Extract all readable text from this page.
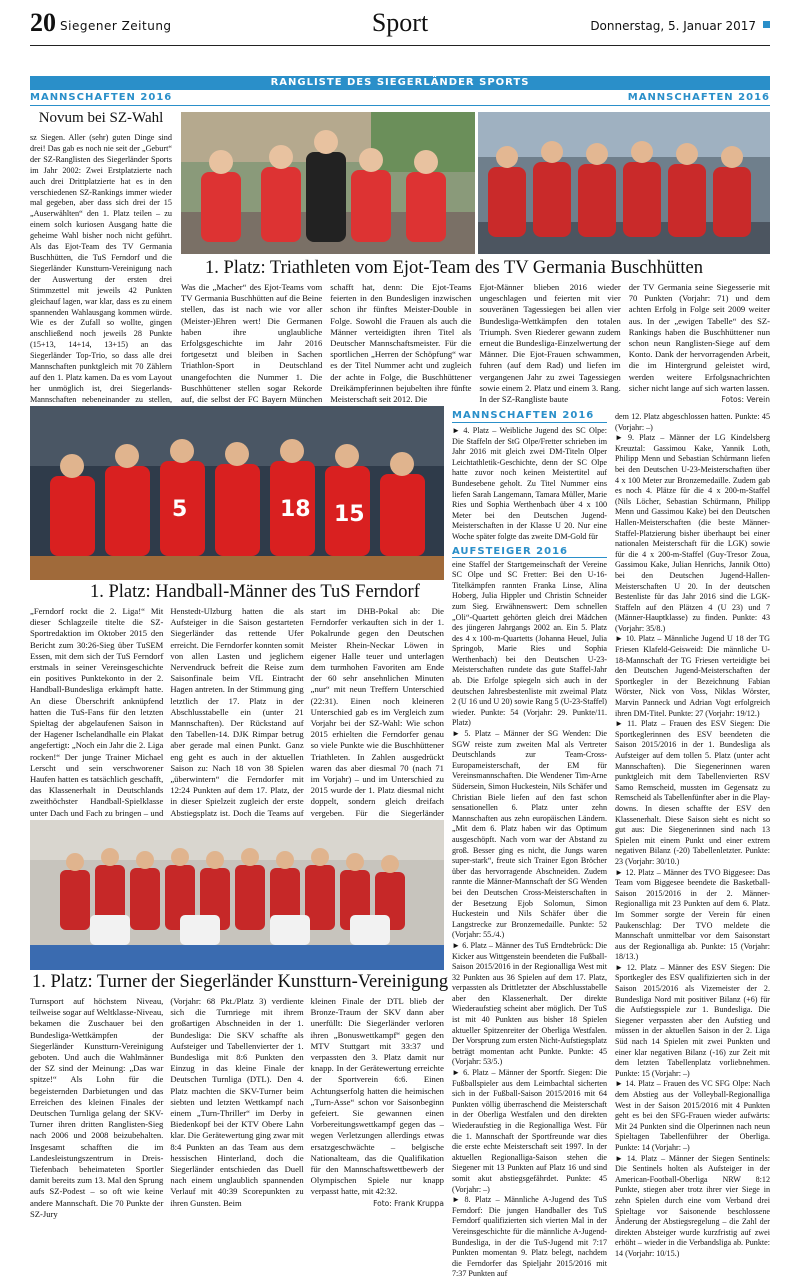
20 Siegener Zeitung	Sport	Donnerstag, 5. Januar 2017
RANGLISTE DES SIEGERLÄNDER SPORTS
MANNSCHAFTEN 2016	MANNSCHAFTEN 2016
Novum bei SZ-Wahl
sz Siegen. Aller (sehr) guten Dinge sind drei! Das gab es noch nie seit der „Geburt“ der SZ-Ranglisten des Siegerländer Sports im Jahr 2002: Zwei Erstplatzierte nach auch drei Drittplatzierte hat es in den verschiedenen SZ-Rankings immer wieder mal gegeben, aber dass sich drei der 15 „Auserwählten“ den 1. Platz teilen – zu einem solch kuriosen Ausgang hatte die geheime Wahl bisher noch nicht geführt. Als das Ejot-Team des TV Germania Buschhütten, die TuS Ferndorf und die Siegerländer Kunstturn-Vereinigung nach der Auswertung der ersten drei Stimmzettel mit jeweils 42 Punkten gleichauf lagen, war klar, dass es zu einem spannenden Wahlausgang kommen würde. Wie es der Zufall so wollte, gingen anschließend noch jeweils 28 Punkte (15+13, 14+14, 13+15) an das Siegerländer Top-Trio, so dass alle drei Mannschaften punktgleich mit 70 Zählern auf den 1. Platz kamen. Da es vom Layout her unmöglich ist, drei Siegerlands-Mannschaften nebeneinander zu stellen,
1. Platz: Triathleten vom Ejot-Team des TV Germania Buschhütten
Was die „Macher“ des Ejot-Teams vom TV Germania Buschhütten auf die Beine stellen, das ist nach wie vor aller (Meister-)Ehren wert! Die Germanen haben ihre unglaubliche Erfolgsgeschichte im Jahr 2016 fortgesetzt und bleiben in Sachen Triathlon-Sport in Deutschland unangefochten die Nummer 1. Die Buschhüttener stellen sogar Rekorde auf, die selbst der FC Bayern München
schafft hat, denn: Die Ejot-Teams feierten in den Bundesligen inzwischen schon ihr fünftes Meister-Double in Folge. Sowohl die Frauen als auch die Männer verteidigten ihren Titel als Deutscher Mannschaftsmeister. Für die sportlichen „Herren der Schöpfung“ war es der Titel Nummer acht und zugleich der achte in Folge, die Buschhüttener Dreikämpferinnen bejubelten ihre fünfte Meisterschaft seit 2012. Die
Ejot-Männer blieben 2016 wieder ungeschlagen und feierten mit vier souveränen Tagessiegen bei allen vier Bundesliga-Wettkämpfen den totalen Triumph. Sven Riederer gewann zudem erneut die Bundesliga-Einzelwertung der Männer. Die Ejot-Frauen schwammen, fuhren (auf dem Rad) und liefen im vergangenen Jahr zu zwei Tagessiegen sowie einem 2. Platz und einem 3. Rang. In der SZ-Rangliste baute
der TV Germania seine Siegesserie mit 70 Punkten (Vorjahr: 71) und dem achten Erfolg in Folge seit 2009 weiter aus. In der „ewigen Tabelle“ des SZ-Rankings haben die Buschhüttener nun schon neun Ranglisten-Siege auf dem Konto. Dank der hervorragenden Arbeit, die im Hintergrund geleistet wird, werden weitere Erfolgsnachrichten sicher nicht lange auf sich warten lassen.
Fotos: Verein
5	18 15
1. Platz: Handball-Männer des TuS Ferndorf
„Ferndorf rockt die 2. Liga!“ Mit dieser Schlagzeile titelte die SZ-Sportredaktion im Oktober 2015 den Bericht zum 30:26-Sieg über TuSEM Essen, mit dem sich der TuS Ferndorf erstmals in seiner Vereinsgeschichte ein positives Punktekonto in der 2. Handball-Bundesliga erkämpft hatte. An diese Überschrift anknüpfend hatten die TuS-Fans für den letzten Spieltag der abgelaufenen Saison in der Hagener Ischelandhalle ein Plakat angefertigt: „Noch ein Jahr die 2. Liga rocken!“ Der junge Trainer Michael Lerscht und sein verschworener Haufen hatten es tatsächlich geschafft, das Klassenerhalt in Deutschlands zweithöchster Handball-Spielklasse unter Dach und Fach zu bringen – und
Henstedt-Ulzburg hatten die als Aufsteiger in die Saison gestarteten Siegerländer das rettende Ufer erreicht. Die Ferndorfer konnten somit von allen Lasten und jeglichem Nervendruck befreit die Reise zum Saisonfinale beim VfL Eintracht Hagen antreten. In der Stimmung ging letztlich der 17. Platz in der Abschlusstabelle ein (unter 21 Mannschaften). Der Rückstand auf den Tabellen-14. DJK Rimpar betrug aber gerade mal einen Punkt. Ganz eng geht es auch in der aktuellen Saison zu: Nach 18 von 38 Spielen „überwintern“ die Ferndorfer mit 12:24 Punkten auf dem 17. Platz, der in dieser Spielzeit zugleich der erste Abstiegsplatz ist. Doch die Teams auf
start im DHB-Pokal ab: Die Ferndorfer verkauften sich in der 1. Pokalrunde gegen den Deutschen Meister Rhein-Neckar Löwen in eigener Halle teuer und unterlagen dem turmhohen Favoriten am Ende der 60 sehr ansehnlichen Minuten „nur“ mit neun Treffern Unterschied (22:31). Einen noch kleineren Unterschied gab es im Vergleich zum Vorjahr bei der SZ-Wahl: Wie schon 2015 erhielten die Ferndorfer genau so viele Punkte wie die Buschhüttener Triathleten. In Zahlen ausgedrückt waren das aber diesmal 70 (nach 71 im Vorjahr) – und im Unterschied zu 2015 wurde der 1. Platz diesmal nicht doppelt, sondern gleich dreifach vergeben. Für die Siegerländer
1. Platz: Turner der Siegerländer Kunstturn-Vereinigung
Turnsport auf höchstem Niveau, teilweise sogar auf Weltklasse-Niveau, bekamen die Zuschauer bei den Bundesliga-Wettkämpfen der Siegerländer Kunstturn-Vereinigung geboten. Und auch die Wahlmänner der SZ sind der Meinung: „Das war spitze!“ Als Lohn für die begeisternden Darbietungen und das Erreichen des kleinen Finales der Deutschen Turnliga gelang der SKV-Turner ihren dritten Ranglisten-Sieg nach 2006 und 2008 beizubehalten. Insgesamt schafften die im Landesleistungszentrum in Dreis-Tiefenbach beheimateten Sportler damit bereits zum 13. Mal den Sprung aufs SZ-Podest – so oft wie keine andere Mannschaft. Die 70 Punkte der SZ-Jury
(Vorjahr: 68 Pkt./Platz 3) verdiente sich die Turnriege mit ihrem großartigen Abschneiden in der 1. Bundesliga: Die SKV schaffte als Aufsteiger und Tabellenvierter der 1. Bundesliga mit 8:6 Punkten den Einzug in das kleine Finale der Deutschen Turnliga (DTL). Den 4. Platz machten die SKV-Turner beim siebten und letzten Wettkampf nach einem „Turn-Thriller“ im Derby in Biedenkopf bei der KTV Obere Lahn klar. Die Gerätewertung ging zwar mit 8:4 Punkten an das Team aus dem hessischen Hinterland, doch die Siegerländer entschieden das Duell nach einem unglaublich spannenden Verlauf mit 40:39 Scorepunkten zu ihren Gunsten. Beim
kleinen Finale der DTL blieb der Bronze-Traum der SKV dann aber unerfüllt: Die Siegerländer verloren ihren „Bonuswettkampf“ gegen den MTV Stuttgart mit 33:37 und verpassten den 3. Platz damit nur knapp. In der Gerätewertung erreichte der Sportverein 6:6. Einen Achtungserfolg hatten die heimischen „Turn-Asse“ schon vor Saisonbeginn gefeiert. Sie gewannen einen Vorbereitungswettkampf gegen das – wegen Verletzungen allerdings etwas ersatzgeschwächte – belgische Nationalteam, das die Qualifikation für den Mannschaftswettbewerb der Olympischen Spiele nur knapp verpasst hatte, mit 42:32.
Foto: Frank Kruppa
MANNSCHAFTEN 2016
► 4. Platz – Weibliche Jugend des SC Olpe: Die Staffeln der StG Olpe/Fretter schrieben im Jahr 2016 mit gleich zwei DM-Titeln Olper Leichtathletik-Geschichte, denn der SC Olpe hatte zuvor noch keinen Meistertitel auf Bundesebene geholt. Zu Titel Nummer eins liefen Sarah Langemann, Tamara Müller, Marie Ries und Sophia Werthenbach über 4 x 100 Meter bei den Deutschen Jugend-Meisterschaften in der Klasse U 20. Nur eine Woche später folgte das zweite DM-Gold für
AUFSTEIGER 2016
eine Staffel der Startgemeinschaft der Vereine SC Olpe und SC Fretter: Bei den U-16-Titelkämpfen rannten Franka Linse, Alina Hoberg, Julia Hippler und Christin Schneider zum Sieg. Erwähnenswert: Dem schnellen „Oli“-Quartett gehörten gleich drei Mädchen des jüngeren Jahrgangs 2002 an. Ein 5. Platz des 4 x 100-m-Quartetts (Johanna Heuel, Julia Springob, Marie Ries und Sophia Werthenbach) bei den Deutschen U-23-Meisterschaften rundete das gute Staffel-Jahr ab. Die Erfolge spiegeln sich auch in der deutschen Jahresbestenliste mit zweimal Platz 2 (U 16 und U 20) sowie Rang 5 (U-23-Staffel) wieder. Punkte: 54 (Vorjahr: 29. Punkte/11. Platz)
► 5. Platz – Männer der SG Wenden: Die SGW reiste zum zweiten Mal als Vertreter Deutschlands zur Team-Cross-Europameisterschaft, der EM für Vereinsmannschaften. Die Wendener Tim-Arne Südersein, Simon Huckestein, Nils Schäfer und Christian Biele liefen auf den fast schon sensationellen 6. Platz unter zehn Mannschaften aus zehn europäischen Ländern. „Mit dem 6. Platz haben wir das Optimum ausgeschöpft. Nach vorn war der Abstand zu groß. Besser ging es nicht, die Jungs waren super-stark“, freute sich Trainer Egon Bröcher über das hervorragende Abschneiden. Zudem rannte die Männer-Mannschaft der SG Wenden bei den Deutschen Cross-Meisterschaften in der Besetzung Ejob Solomun, Simon Huckestein und Nils Schäfer über die Langstrecke zur Bronzemedaille. Punkte: 52 (Vorjahr: 55./4.)
► 6. Platz – Männer des TuS Erndtebrück: Die Kicker aus Wittgenstein beendeten die Fußball-Saison 2015/2016 in der Regionalliga West mit 32 Punkten aus 36 Spielen auf dem 17. Platz, verpassten als Drittletzter der Abschlusstabelle aber den Klassenerhalt. Der direkte Wiederaufstieg scheint aber möglich. Der TuS ist mit 40 Punkten aus bisher 18 Spielen aktueller Spitzenreiter der Oberliga Westfalen. Der Vorsprung zum ersten Nicht-Aufstiegsplatz beträgt momentan acht Punkte. Punkte: 45 (Vorjahr: 53/5.)
► 6. Platz – Männer der Sportfr. Siegen: Die Fußballspieler aus dem Leimbachtal sicherten sich in der Fußball-Saison 2015/2016 mit 64 Punkten völlig überraschend die Meisterschaft in der Oberliga Westfalen und den direkten Wiederaufstieg in die Regionalliga West. Für die 1. Mannschaft der Sportfreunde war dies die erste echte Meisterschaft seit 1997. In der aktuellen Regionalliga-Saison stehen die Siegener mit 13 Punkten auf Platz 16 und sind somit akut abstiegsgefährdet. Punkte: 45 (Vorjahr: –)
► 8. Platz – Männliche A-Jugend des TuS Ferndorf: Die jungen Handballer des TuS Ferndorf qualifizierten sich vierten Mal in der Vereinsgeschichte für die männliche A-Jugend-Bundesliga, in der die TuS-Jugend mit 7:17 Punkten momentan 9. Platz belegt, nachdem die Ferndorfer das Spieljahr 2015/2016 mit 7:37 Punkten auf
dem 12. Platz abgeschlossen hatten. Punkte: 45 (Vorjahr: –)
► 9. Platz – Männer der LG Kindelsberg Kreuztal: Gassimou Kake, Yannik Loth, Philipp Menn und Sebastian Schürmann liefen bei den Deutschen U-23-Meisterschaften über 4 x 100 Meter zur Bronzemedaille. Zudem gab es noch 4. Plätze für die 4 x 200-m-Staffel (Nils Löcher, Sebastian Schürmann, Philipp Menn und Gassimou Kake) bei den Deutschen Hallen-Meisterschaften (die beste Männer-Staffel-Platzierung bisher überhaupt bei einer nationalen Meisterschaft für die LGK) sowie für die 4 x 200-m-Staffel (Guy-Tresor Zoua, Gassimou Kake, Julian Henrichs, Jannik Otto) bei den Deutschen Jugend-Hallen-Meisterschaften U 20. In der deutschen Bestenliste für das Jahr 2016 sind die LGK-Staffeln auf den Plätzen 4 (U 23) und 7 (Männer-Hauptklasse) zu finden. Punkte: 43 (Vorjahr: 35/8.)
► 10. Platz – Männliche Jugend U 18 der TG Friesen Klafeld-Geisweid: Die männliche U-18-Mannschaft der TG Friesen verteidigte bei den Deutschen Jugend-Meisterschaften der Sportkegler in der Bezeichnung Fabian Wörster, Nick von Voss, Niklas Wörster, Marvin Panneck und Adrian Vogt erfolgreich ihren DM-Titel. Punkte: 27 (Vorjahr: 19/12.)
► 11. Platz – Frauen des ESV Siegen: Die Sportkeglerinnen des ESV beendeten die Saison 2015/2016 in der 1. Bundesliga als Aufsteiger auf dem tollen 5. Platz (unter acht Mannschaften). Die Siegenerinnen waren punktgleich mit dem Tabellenvierten RSV Samo Remscheid, mussten im Gegensatz zu Remscheid als Tabellenfünfter aber in die Play-downs. In diesen schaffte der ESV den Klassenerhalt. Diese Saison sieht es nicht so gut aus: Die Siegenerinnen sind nach 13 Spielen mit einem Punkt und einer extrem negativen Bilanz (-20) Tabellenletzter. Punkte: 23 (Vorjahr: 30/10.)
► 12. Platz – Männer des TVO Biggesee: Das Team vom Biggesee beendete die Basketball-Saison 2015/2016 in der 2. Männer-Regionalliga mit 23 Punkten auf dem 6. Platz. Im Sommer sorgte der Verein für einen Paukenschlag: Der TVO meldete die Mannschaft unmittelbar vor dem Saisonstart aus der Regionalliga ab. Punkte: 15 (Vorjahr: 18/13.)
► 12. Platz – Männer des ESV Siegen: Die Sportkegler des ESV qualifizierten sich in der Saison 2015/2016 als Vizemeister der 2. Bundesliga Nord mit positiver Bilanz (+6) für die Aufstiegsspiele zur 1. Bundesliga. Die Siegener verpassten aber den Aufstieg und müssen in der aktuellen Saison in der 2. Liga Süd nach 14 Spielen mit zwei Punkten und einer klar negativen Bilanz (-16) zur Zeit mit dem letzten Tabellenplatz vorliebnehmen. Punkte: 15 (Vorjahr: –)
► 14. Platz – Frauen des VC SFG Olpe: Nach dem Abstieg aus der Volleyball-Regionalliga West in der Saison 2015/2016 mit 4 Punkten geht es bei den SFG-Frauen wieder aufwärts: Mit 24 Punkten sind die Olperinnen nach neun Spieltagen Tabellenführer der Oberliga. Punkte: 14 (Vorjahr: –)
► 14. Platz – Männer der Siegen Sentinels: Die Sentinels holten als Aufsteiger in der American-Football-Oberliga NRW 8:12 Punkte, stiegen aber trotz ihrer vier Siege in zehn Spielen durch eine vom Verband drei Spieltage vor Saisonende beschlossene Änderung der Abstiegsregelung – die Zahl der direkten Absteiger wurde kurzfristig auf zwei erhöht – wieder in die Verbandsliga ab. Punkte: 14 (Vorjahr: 10/15.)
